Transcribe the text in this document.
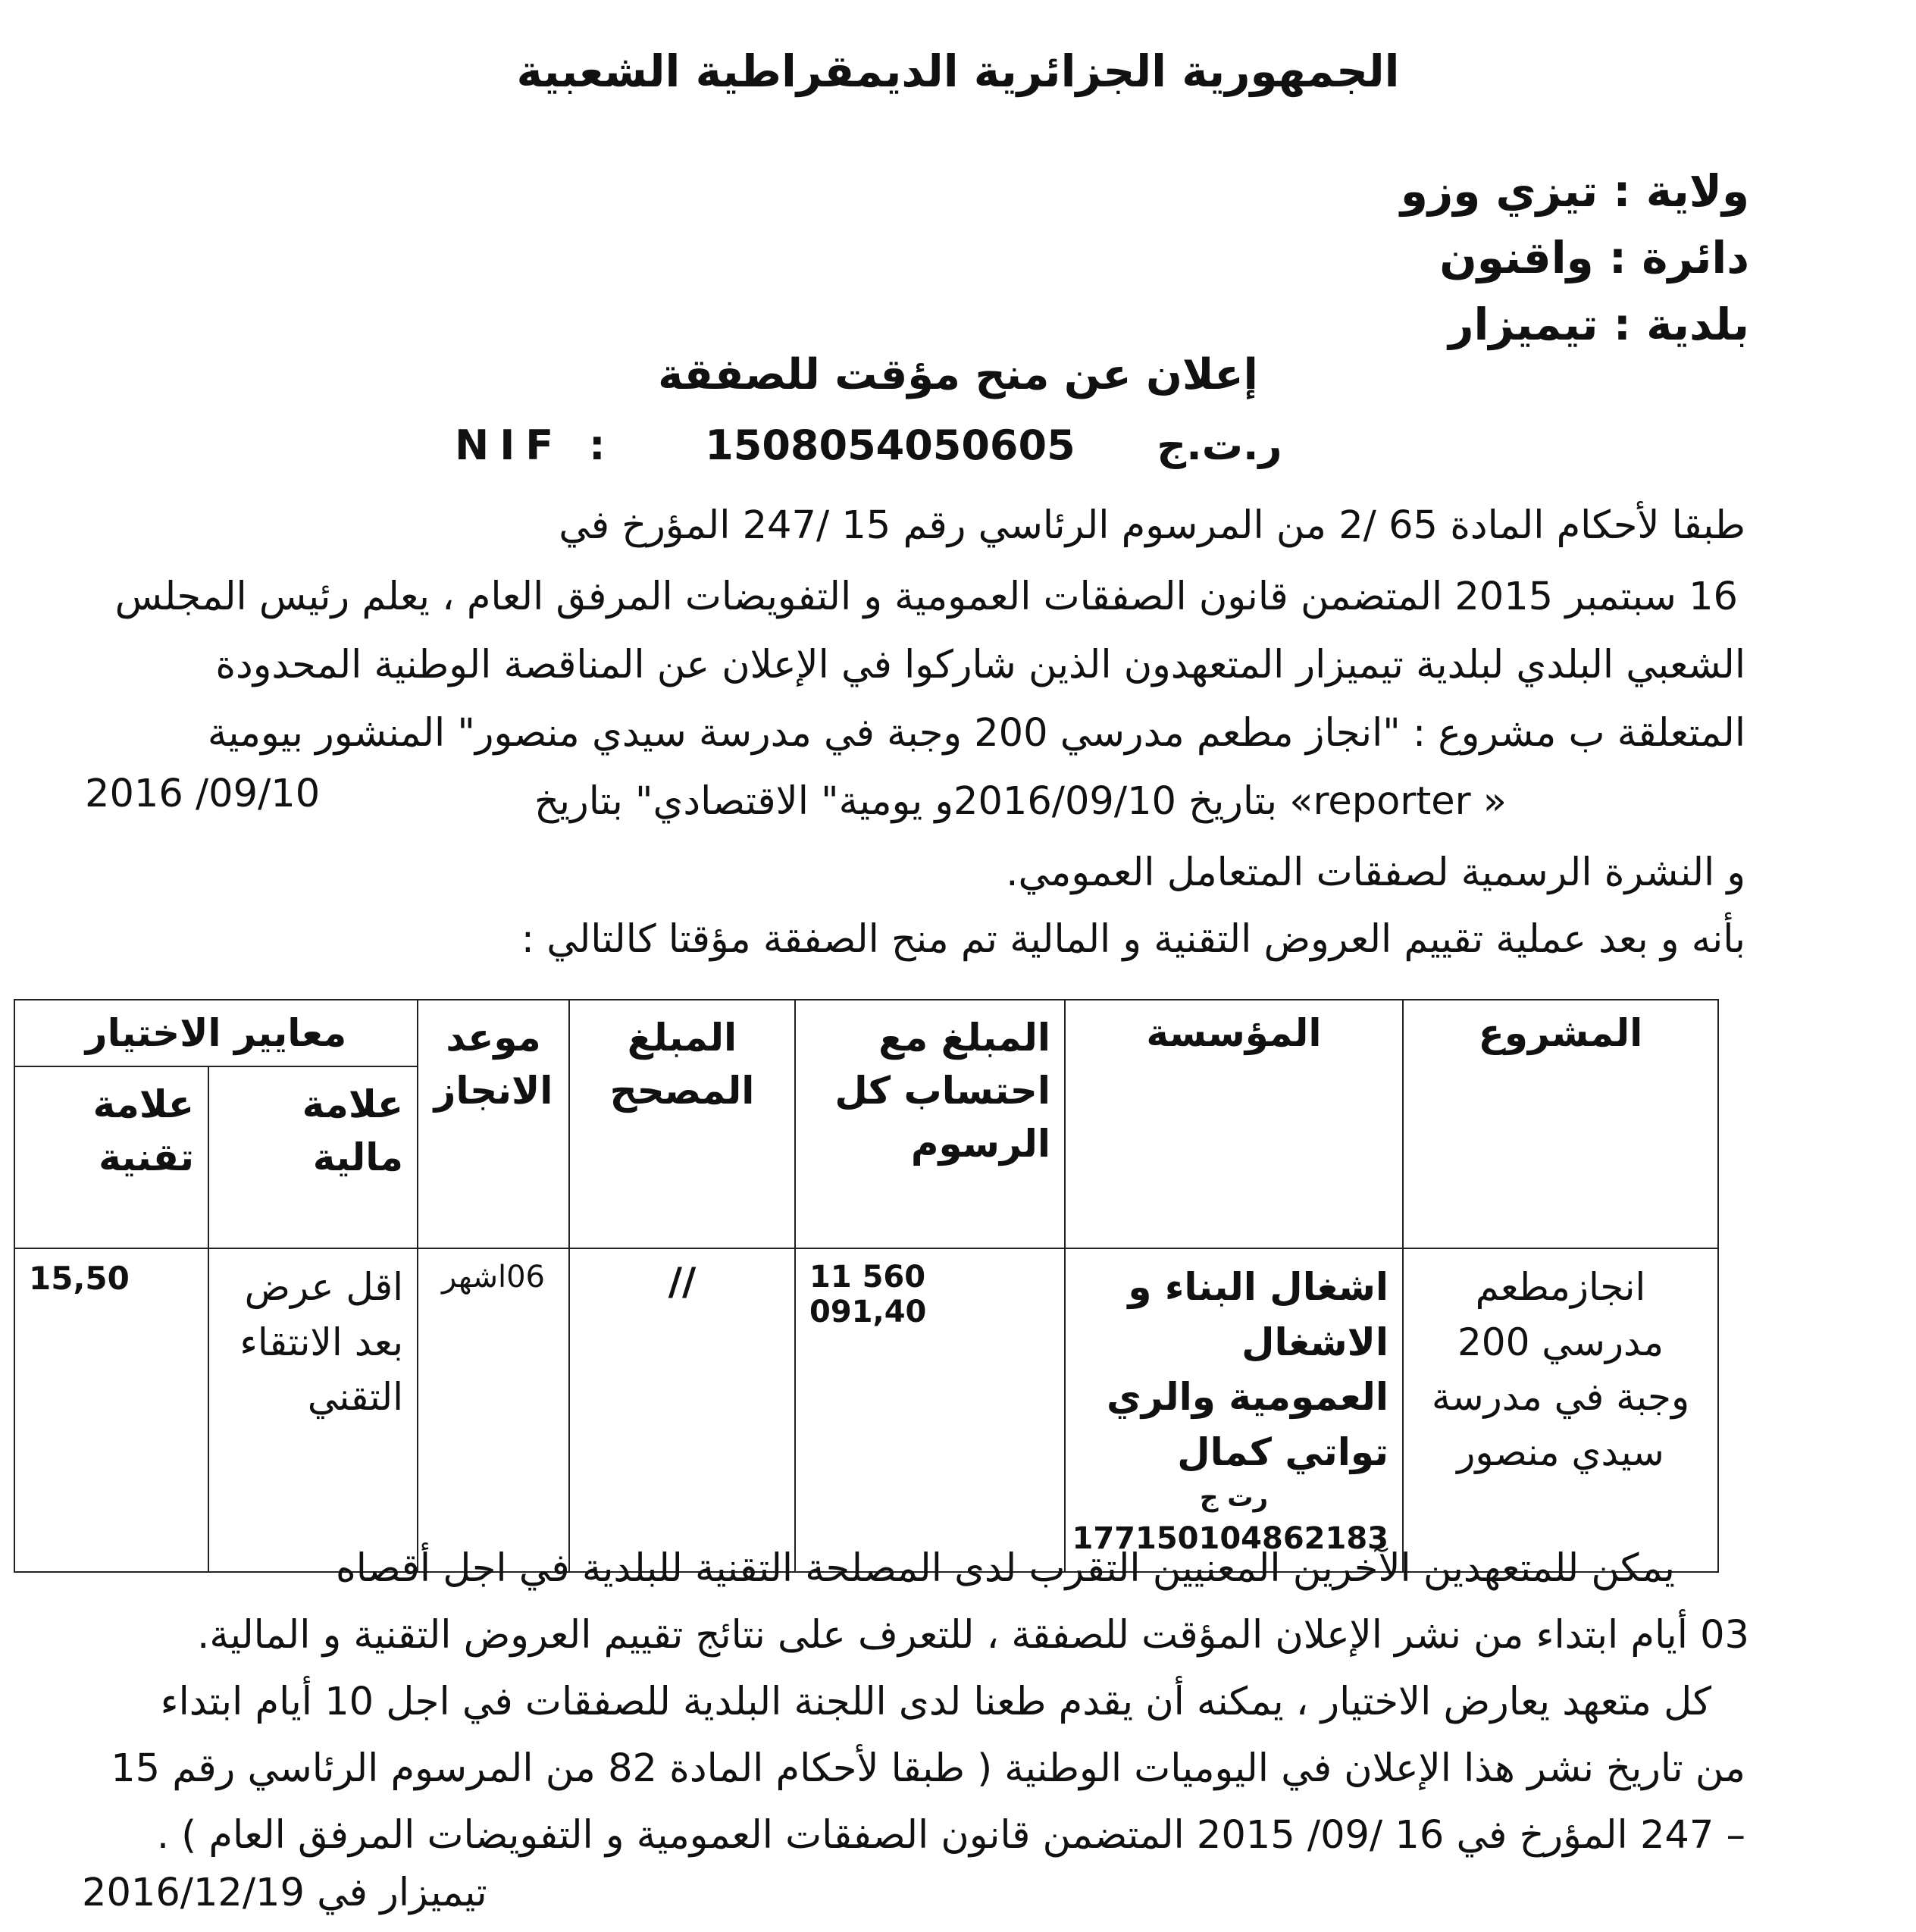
الجمهورية الجزائرية الديمقراطية الشعبية
ولاية : تيزي وزو
دائرة : واقنون
بلدية : تيميزار
إعلان عن منح مؤقت للصفقة
NIF : 1508054050605 ر.ت.ج
طبقا لأحكام المادة 65 /2 من المرسوم الرئاسي رقم 15 /247 المؤرخ في
16 سبتمبر 2015 المتضمن قانون الصفقات العمومية و التفويضات المرفق العام ، يعلم رئيس المجلس
الشعبي البلدي لبلدية تيميزار المتعهدون الذين شاركوا في الإعلان عن المناقصة الوطنية المحدودة
المتعلقة ب مشروع : "انجاز مطعم مدرسي 200 وجبة في مدرسة سيدي منصور" المنشور بيومية
« reporter» بتاريخ 2016/09/10و يومية" الاقتصادي" بتاريخ
2016 /09/10
و النشرة الرسمية لصفقات المتعامل العمومي.
بأنه و بعد عملية تقييم العروض التقنية و المالية تم منح الصفقة مؤقتا كالتالي :
المشروع	المؤسسة	المبلغ مع احتساب كل الرسوم	المبلغ المصحح	موعد الانجاز	معايير الاختيار	
					علامة مالية	علامة تقنية
انجازمطعم مدرسي 200 وجبة في مدرسة سيدي منصور	اشغال البناء و الاشغال العمومية والري تواتي كمال
رت ج
177150104862183	11 560 091,40	//	06اشهر	اقل عرض بعد الانتقاء التقني	15,50
يمكن للمتعهدين الآخرين المعنيين التقرب لدى المصلحة التقنية للبلدية في اجل أقصاه
03 أيام ابتداء من نشر الإعلان المؤقت للصفقة ، للتعرف على نتائج تقييم العروض التقنية و المالية.
كل متعهد يعارض الاختيار ، يمكنه أن يقدم طعنا لدى اللجنة البلدية للصفقات في اجل 10 أيام ابتداء
من تاريخ نشر هذا الإعلان في اليوميات الوطنية ( طبقا لأحكام المادة 82 من المرسوم الرئاسي رقم 15
– 247 المؤرخ في 16 /09/ 2015 المتضمن قانون الصفقات العمومية و التفويضات المرفق العام ) .
تيميزار في 2016/12/19
